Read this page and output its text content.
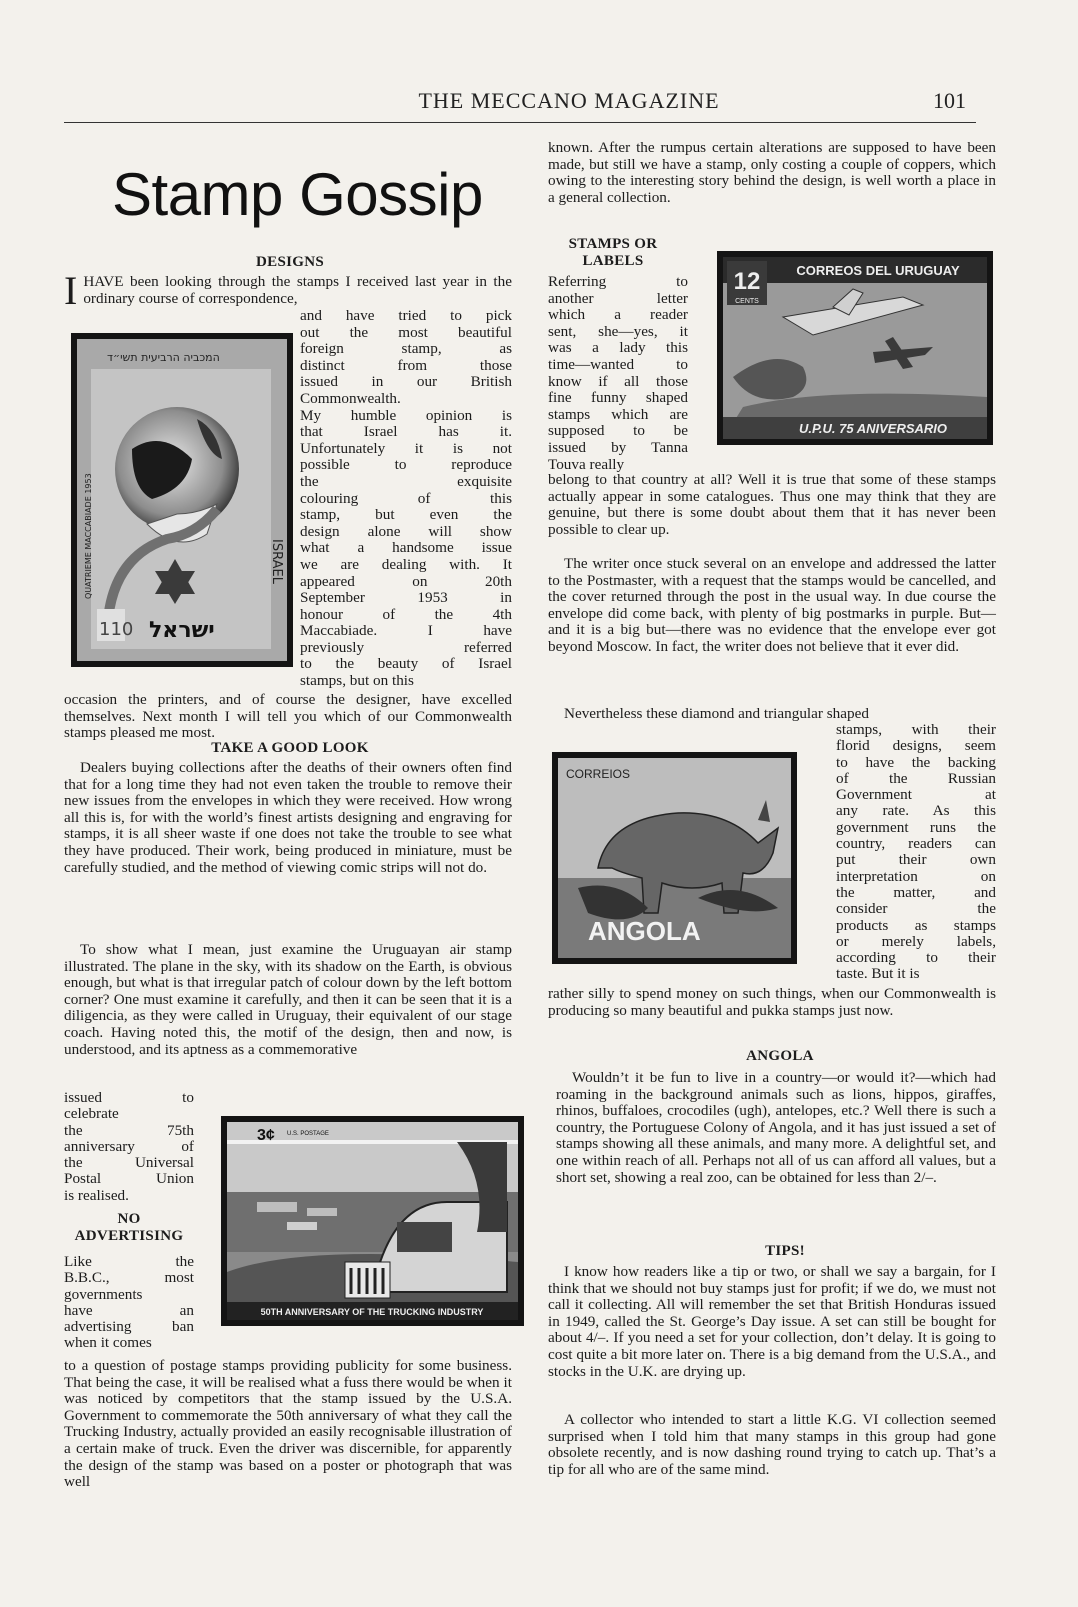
THE MECCANO MAGAZINE	101
Stamp Gossip
DESIGNS
IHAVE been looking through the stamps I received last year in the ordinary course of correspondence,
and have tried to pick
out the most beautiful
foreign stamp, as
distinct from those
issued in our British
Commonwealth.
My humble opinion is
that Israel has it.
Unfortunately it is not
possible to reproduce
the exquisite
colouring of this
stamp, but even the
design alone will show
what a handsome issue
we are dealing with. It
appeared on 20th
September 1953 in
honour of the 4th
Maccabiade. I have
previously referred
to the beauty of Israel
stamps, but on this
occasion the printers, and of course the designer, have excelled themselves. Next month I will tell you which of our Commonwealth stamps pleased me most.
המכביה הרביעית תשי״ד
QUATRIEME MACCABIADE 1953	ISRAEL
110 ישראל
TAKE A GOOD LOOK
Dealers buying collections after the deaths of their owners often find that for a long time they had not even taken the trouble to remove their new issues from the envelopes in which they were received. How wrong all this is, for with the world’s finest artists designing and engraving for stamps, it is all sheer waste if one does not take the trouble to see what they have produced. Their work, being produced in miniature, must be carefully studied, and the method of viewing comic strips will not do.
To show what I mean, just examine the Uruguayan air stamp illustrated. The plane in the sky, with its shadow on the Earth, is obvious enough, but what is that irregular patch of colour down by the left bottom corner? One must examine it carefully, and then it can be seen that it is a diligencia, as they were called in Uruguay, their equivalent of our stage coach. Having noted this, the motif of the design, then and now, is understood, and its aptness as a commemorative
issued to
celebrate
the 75th
anniversary of
the Universal
Postal Union
is realised.
NO ADVERTISING
Like the
B.B.C., most
governments
have an
advertising ban
when it comes
to a question of postage stamps providing publicity for some business. That being the case, it will be realised what a fuss there would be when it was noticed by competitors that the stamp issued by the U.S.A. Government to commemorate the 50th anniversary of what they call the Trucking Industry, actually provided an easily recognisable illustration of a certain make of truck. Even the driver was discernible, for apparently the design of the stamp was based on a poster or photograph that was well
3¢ U.S. POSTAGE
50TH ANNIVERSARY OF THE TRUCKING INDUSTRY
known. After the rumpus certain alterations are supposed to have been made, but still we have a stamp, only costing a couple of coppers, which owing to the interesting story behind the design, is well worth a place in a general collection.
STAMPS OR LABELS
Referring to
another letter
which a reader
sent, she—yes, it
was a lady this
time—wanted to
know if all those
fine funny shaped
stamps which are
supposed to be
issued by Tanna
Touva really
belong to that country at all? Well it is true that some of these stamps actually appear in some catalogues. Thus one may think that they are genuine, but there is some doubt about them that it has never been possible to clear up.
The writer once stuck several on an envelope and addressed the latter to the Postmaster, with a request that the stamps would be cancelled, and the cover returned through the post in the usual way. In due course the envelope did come back, with plenty of big postmarks in purple. But—and it is a big but—there was no evidence that the envelope ever got beyond Moscow. In fact, the writer does not believe that it ever did.
Nevertheless these diamond and triangular shaped
stamps, with their
florid designs, seem
to have the backing
of the Russian
Government at
any rate. As this
government runs the
country, readers can
put their own
interpretation on
the matter, and
consider the
products as stamps
or merely labels,
according to their
taste. But it is
rather silly to spend money on such things, when our Commonwealth is producing so many beautiful and pukka stamps just now.
12
CENTS
CORREOS DEL URUGUAY
U.P.U. 75 ANIVERSARIO
CORREIOS
ANGOLA
ANGOLA
Wouldn’t it be fun to live in a country—or would it?—which had roaming in the background animals such as lions, hippos, giraffes, rhinos, buffaloes, crocodiles (ugh), antelopes, etc.? Well there is such a country, the Portuguese Colony of Angola, and it has just issued a set of stamps showing all these animals, and many more. A delightful set, and one within reach of all. Perhaps not all of us can afford all values, but a short set, showing a real zoo, can be obtained for less than 2/–.
TIPS!
I know how readers like a tip or two, or shall we say a bargain, for I think that we should not buy stamps just for profit; if we do, we must not call it collecting. All will remember the set that British Honduras issued in 1949, called the St. George’s Day issue. A set can still be bought for about 4/–. If you need a set for your collection, don’t delay. It is going to cost quite a bit more later on. There is a big demand from the U.S.A., and stocks in the U.K. are drying up.
A collector who intended to start a little K.G. VI collection seemed surprised when I told him that many stamps in this group had gone obsolete recently, and is now dashing round trying to catch up. That’s a tip for all who are of the same mind.
